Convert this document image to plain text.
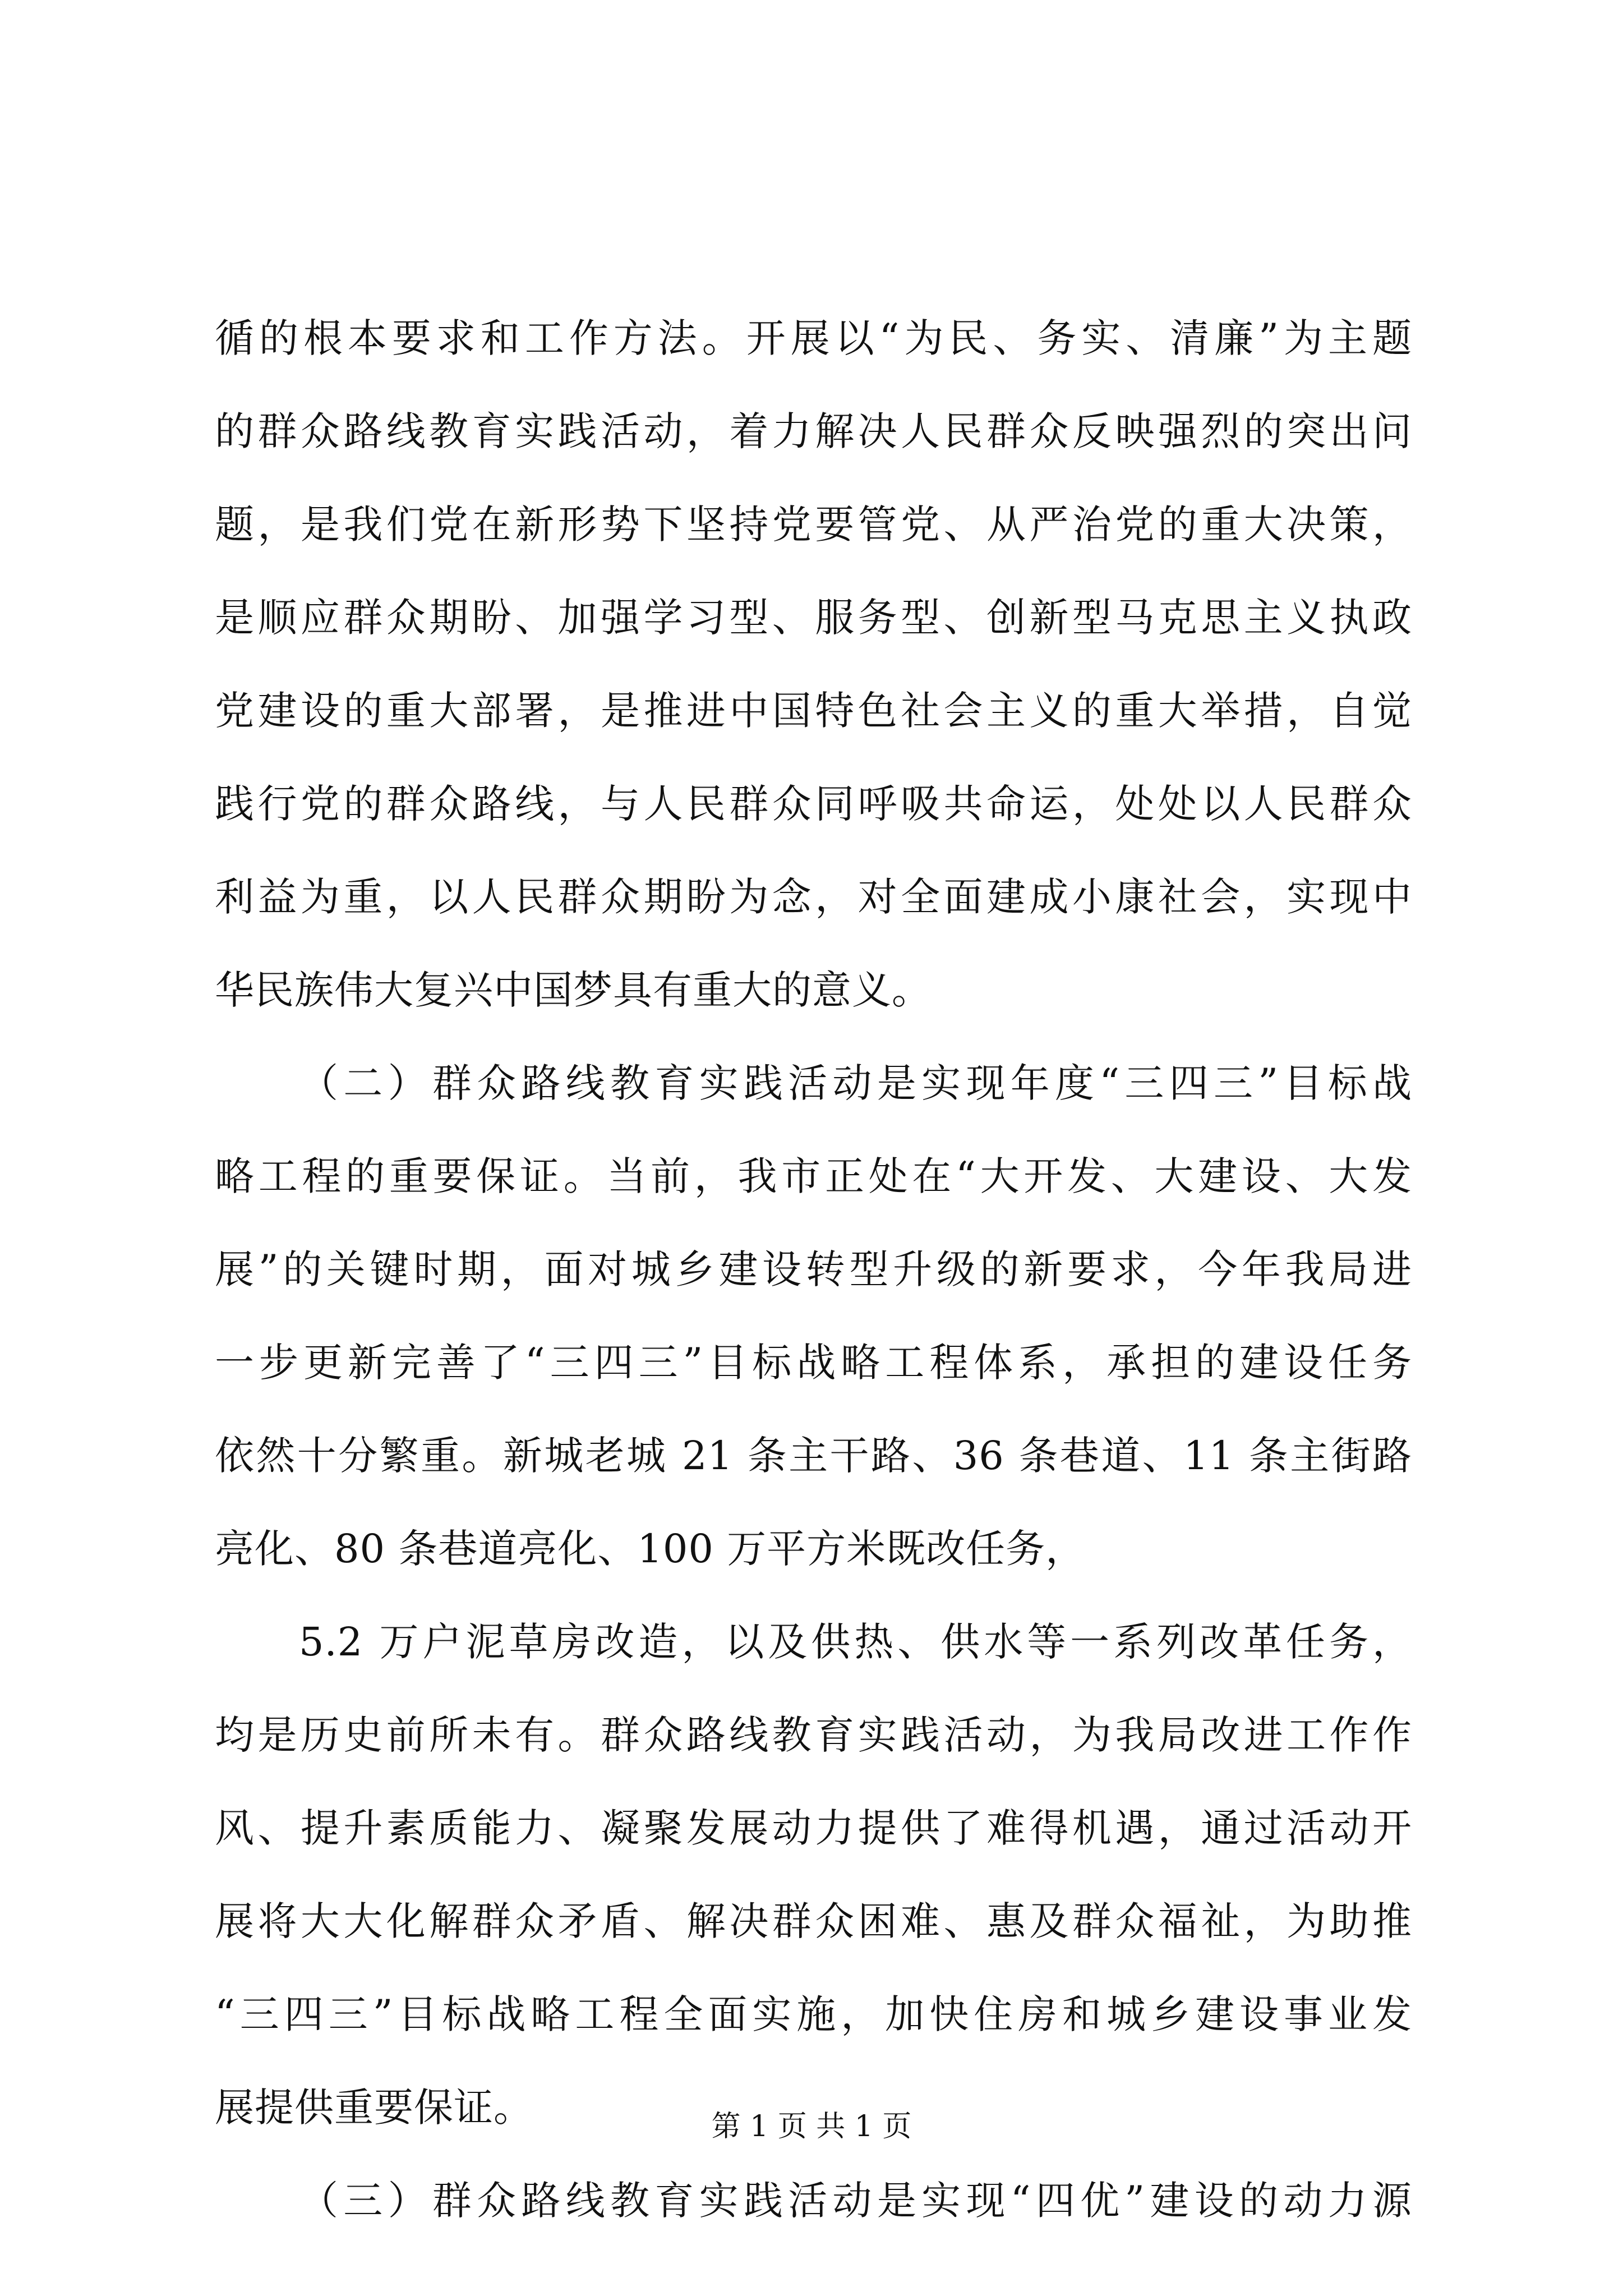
循的根本要求和工作方法。开展以“为民、务实、清廉”为主题
的群众路线教育实践活动，着力解决人民群众反映强烈的突出问
题，是我们党在新形势下坚持党要管党、从严治党的重大决策，
是顺应群众期盼、加强学习型、服务型、创新型马克思主义执政
党建设的重大部署，是推进中国特色社会主义的重大举措，自觉
践行党的群众路线，与人民群众同呼吸共命运，处处以人民群众
利益为重，以人民群众期盼为念，对全面建成小康社会，实现中
华民族伟大复兴中国梦具有重大的意义。
（二）群众路线教育实践活动是实现年度“三四三”目标战
略工程的重要保证。当前，我市正处在“大开发、大建设、大发
展”的关键时期，面对城乡建设转型升级的新要求，今年我局进
一步更新完善了“三四三”目标战略工程体系，承担的建设任务
依然十分繁重。新城老城 21 条主干路、36 条巷道、11 条主街路
亮化、80 条巷道亮化、100 万平方米既改任务，
5.2 万户泥草房改造，以及供热、供水等一系列改革任务，
均是历史前所未有。群众路线教育实践活动，为我局改进工作作
风、提升素质能力、凝聚发展动力提供了难得机遇，通过活动开
展将大大化解群众矛盾、解决群众困难、惠及群众福祉，为助推
“三四三”目标战略工程全面实施，加快住房和城乡建设事业发
展提供重要保证。
（三）群众路线教育实践活动是实现“四优”建设的动力源
第 1 页 共 1 页
